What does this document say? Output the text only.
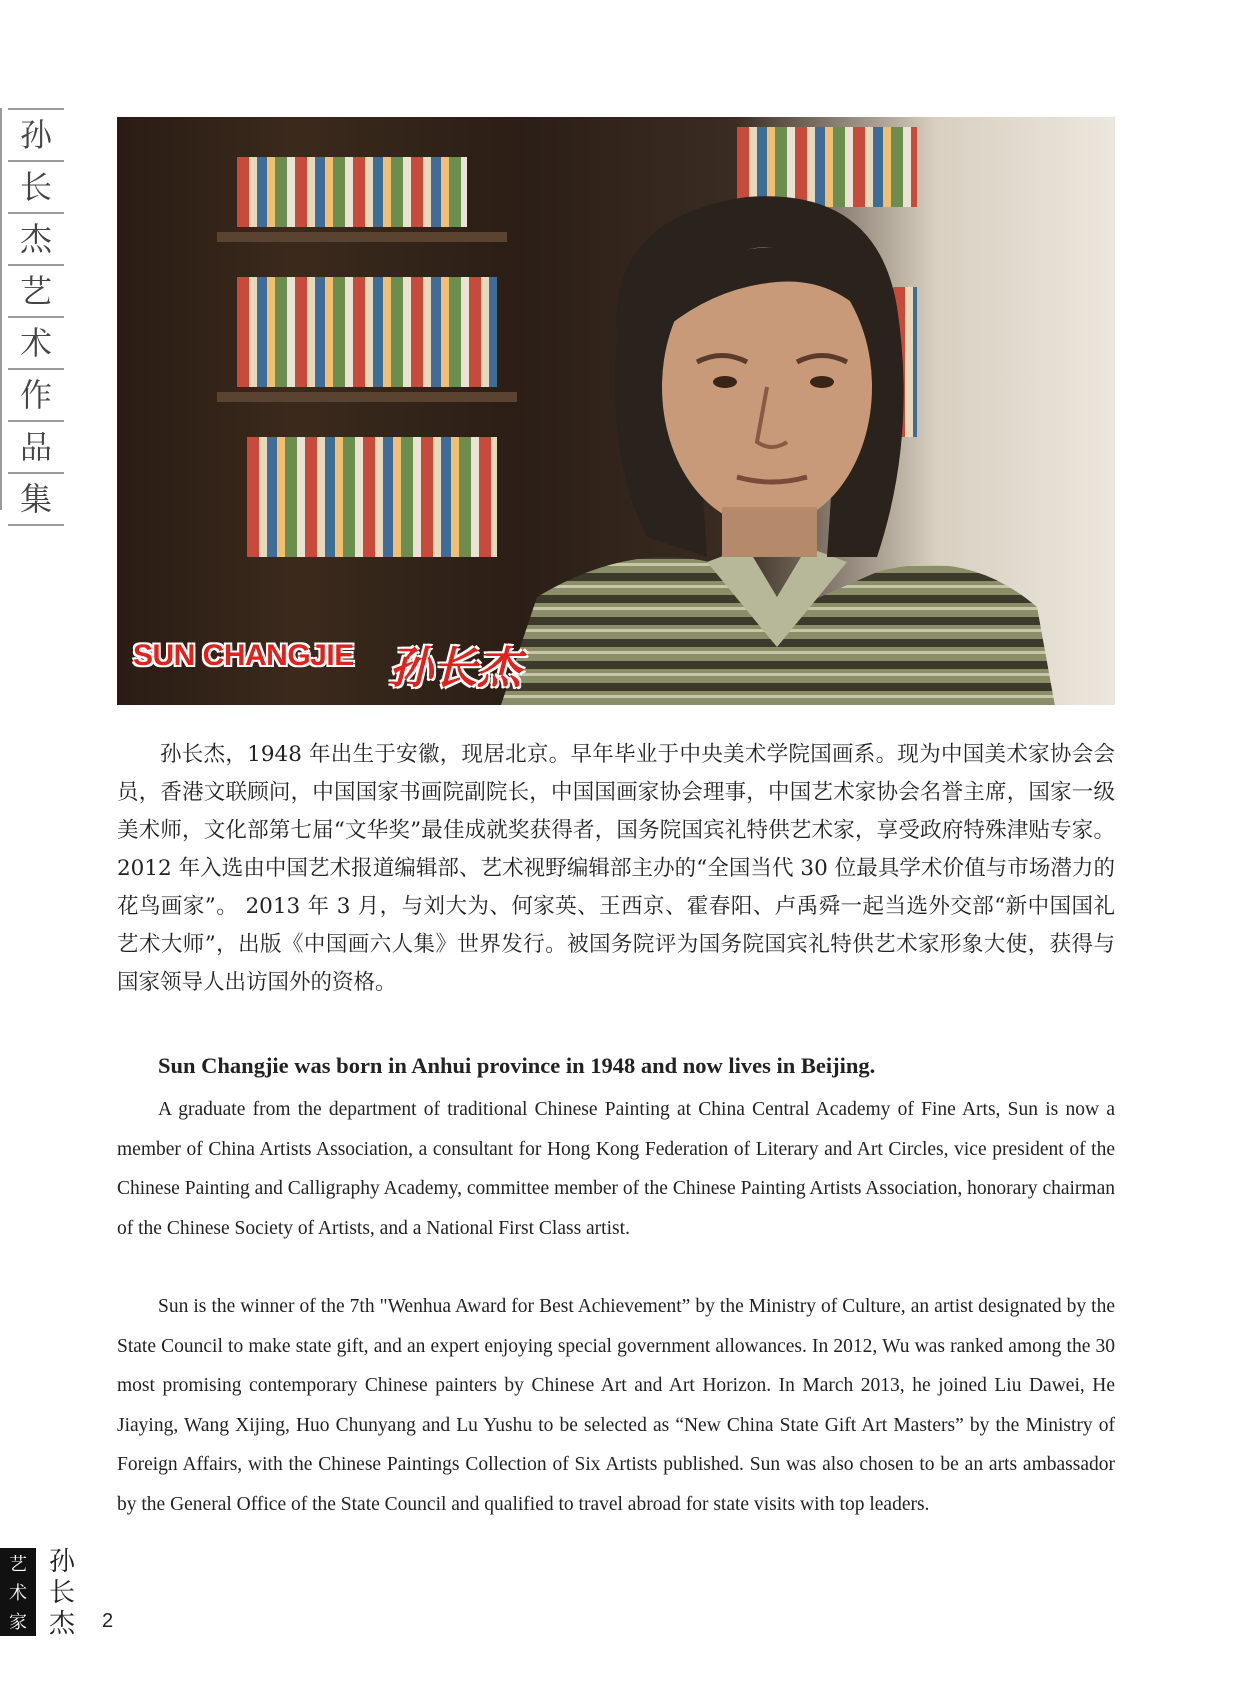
孙
长
杰
艺
术
作
品
集
SUN CHANGJIE 孙长杰

孙长杰，1948 年出生于安徽，现居北京。早年毕业于中央美术学院国画系。现为中国美术家协会会员，香港文联顾问，中国国家书画院副院长，中国国画家协会理事，中国艺术家协会名誉主席，国家一级美术师，文化部第七届“文华奖”最佳成就奖获得者，国务院国宾礼特供艺术家，享受政府特殊津贴专家。2012 年入选由中国艺术报道编辑部、艺术视野编辑部主办的“全国当代 30 位最具学术价值与市场潜力的花鸟画家”。 2013 年 3 月，与刘大为、何家英、王西京、霍春阳、卢禹舜一起当选外交部“新中国国礼艺术大师”，出版《中国画六人集》世界发行。被国务院评为国务院国宾礼特供艺术家形象大使，获得与国家领导人出访国外的资格。

Sun Changjie was born in Anhui province in 1948 and now lives in Beijing.

A graduate from the department of traditional Chinese Painting at China Central Academy of Fine Arts, Sun is now a member of China Artists Association, a consultant for Hong Kong Federation of Literary and Art Circles, vice president of the Chinese Painting and Calligraphy Academy, committee member of the Chinese Painting Artists Association, honorary chairman of the Chinese Society of Artists, and a National First Class artist.

Sun is the winner of the 7th "Wenhua Award for Best Achievement” by the Ministry of Culture, an artist designated by the State Council to make state gift, and an expert enjoying special government allowances. In 2012, Wu was ranked among the 30 most promising contemporary Chinese painters by Chinese Art and Art Horizon. In March 2013, he joined Liu Dawei, He Jiaying, Wang Xijing, Huo Chunyang and Lu Yushu to be selected as “New China State Gift Art Masters” by the Ministry of Foreign Affairs, with the Chinese Paintings Collection of Six Artists published. Sun was also chosen to be an arts ambassador by the General Office of the State Council and qualified to travel abroad for state visits with top leaders.

艺
术
家
孙
长
杰 2
